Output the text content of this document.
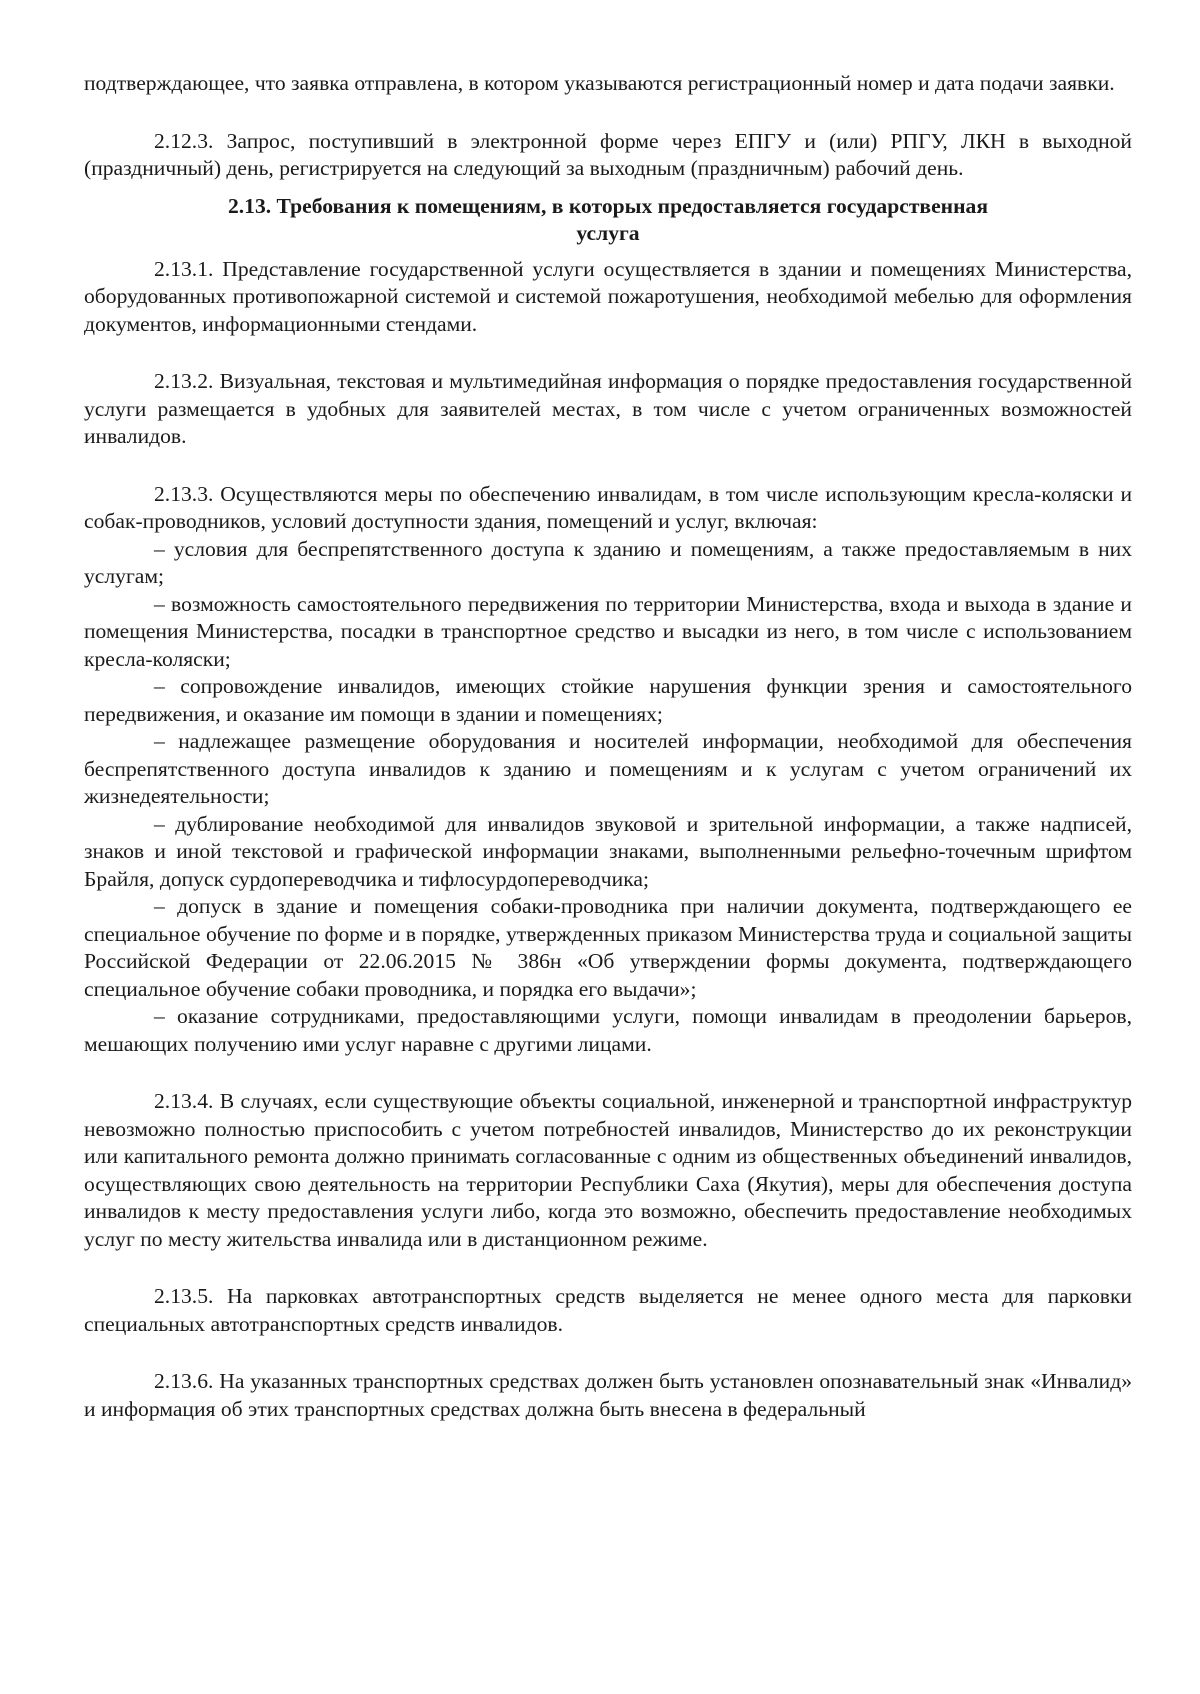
подтверждающее, что заявка отправлена, в котором указываются регистрационный номер и дата подачи заявки.

2.12.3. Запрос, поступивший в электронной форме через ЕПГУ и (или) РПГУ, ЛКН в выходной (праздничный) день, регистрируется на следующий за выходным (праздничным) рабочий день.

2.13. Требования к помещениям, в которых предоставляется государственная
услуга

2.13.1. Представление государственной услуги осуществляется в здании и помещениях Министерства, оборудованных противопожарной системой и системой пожаротушения, необходимой мебелью для оформления документов, информационными стендами.

2.13.2. Визуальная, текстовая и мультимедийная информация о порядке предоставления государственной услуги размещается в удобных для заявителей местах, в том числе с учетом ограниченных возможностей инвалидов.

2.13.3. Осуществляются меры по обеспечению инвалидам, в том числе использующим кресла-коляски и собак-проводников, условий доступности здания, помещений и услуг, включая:

– условия для беспрепятственного доступа к зданию и помещениям, а также предоставляемым в них услугам;

– возможность самостоятельного передвижения по территории Министерства, входа и выхода в здание и помещения Министерства, посадки в транспортное средство и высадки из него, в том числе с использованием кресла-коляски;

– сопровождение инвалидов, имеющих стойкие нарушения функции зрения и самостоятельного передвижения, и оказание им помощи в здании и помещениях;

– надлежащее размещение оборудования и носителей информации, необходимой для обеспечения беспрепятственного доступа инвалидов к зданию и помещениям и к услугам с учетом ограничений их жизнедеятельности;

– дублирование необходимой для инвалидов звуковой и зрительной информации, а также надписей, знаков и иной текстовой и графической информации знаками, выполненными рельефно-точечным шрифтом Брайля, допуск сурдопереводчика и тифлосурдопереводчика;

– допуск в здание и помещения собаки-проводника при наличии документа, подтверждающего ее специальное обучение по форме и в порядке, утвержденных приказом Министерства труда и социальной защиты Российской Федерации от 22.06.2015 № 386н «Об утверждении формы документа, подтверждающего специальное обучение собаки проводника, и порядка его выдачи»;

– оказание сотрудниками, предоставляющими услуги, помощи инвалидам в преодолении барьеров, мешающих получению ими услуг наравне с другими лицами.

2.13.4. В случаях, если существующие объекты социальной, инженерной и транспортной инфраструктур невозможно полностью приспособить с учетом потребностей инвалидов, Министерство до их реконструкции или капитального ремонта должно принимать согласованные с одним из общественных объединений инвалидов, осуществляющих свою деятельность на территории Республики Саха (Якутия), меры для обеспечения доступа инвалидов к месту предоставления услуги либо, когда это возможно, обеспечить предоставление необходимых услуг по месту жительства инвалида или в дистанционном режиме.

2.13.5. На парковках автотранспортных средств выделяется не менее одного места для парковки специальных автотранспортных средств инвалидов.

2.13.6. На указанных транспортных средствах должен быть установлен опознавательный знак «Инвалид» и информация об этих транспортных средствах должна быть внесена в федеральный
